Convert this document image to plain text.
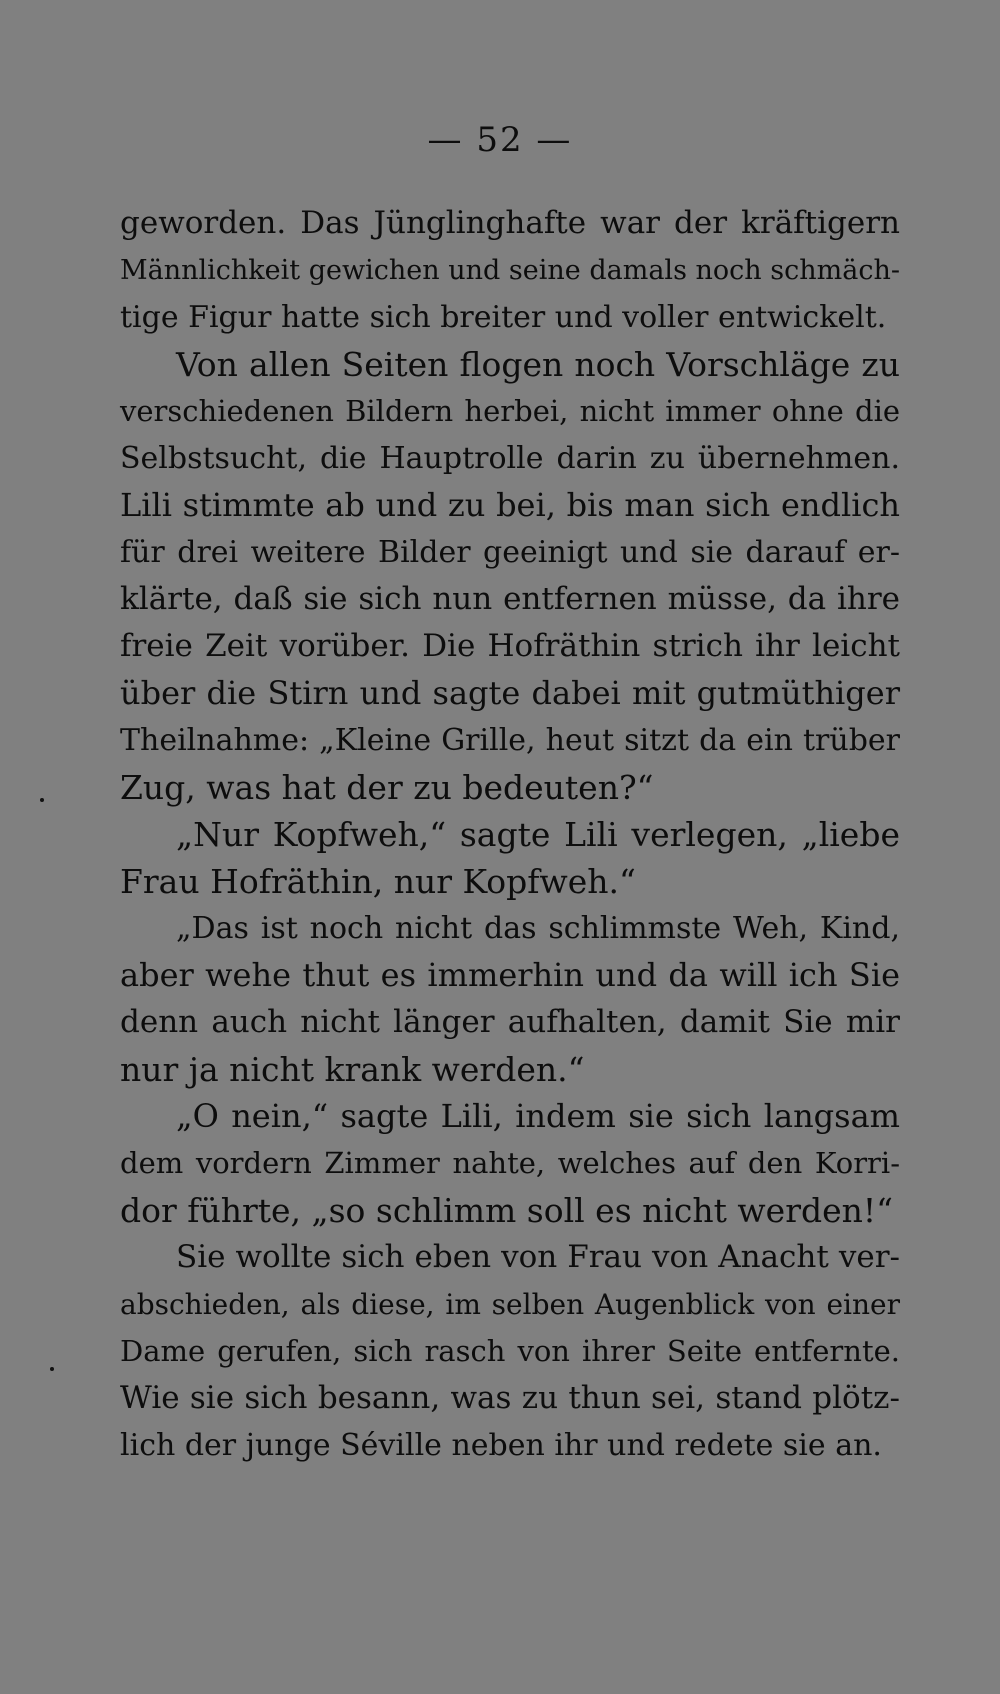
— 52 —
geworden. Das Jünglinghafte war der kräftigern
Männlichkeit gewichen und seine damals noch schmäch-
tige Figur hatte sich breiter und voller entwickelt.
Von allen Seiten flogen noch Vorschläge zu
verschiedenen Bildern herbei, nicht immer ohne die
Selbstsucht, die Hauptrolle darin zu übernehmen.
Lili stimmte ab und zu bei, bis man sich endlich
für drei weitere Bilder geeinigt und sie darauf er-
klärte, daß sie sich nun entfernen müsse, da ihre
freie Zeit vorüber. Die Hofräthin strich ihr leicht
über die Stirn und sagte dabei mit gutmüthiger
Theilnahme: „Kleine Grille, heut sitzt da ein trüber
Zug, was hat der zu bedeuten?“
„Nur Kopfweh,“ sagte Lili verlegen, „liebe
Frau Hofräthin, nur Kopfweh.“
„Das ist noch nicht das schlimmste Weh, Kind,
aber wehe thut es immerhin und da will ich Sie
denn auch nicht länger aufhalten, damit Sie mir
nur ja nicht krank werden.“
„O nein,“ sagte Lili, indem sie sich langsam
dem vordern Zimmer nahte, welches auf den Korri-
dor führte, „so schlimm soll es nicht werden!“
Sie wollte sich eben von Frau von Anacht ver-
abschieden, als diese, im selben Augenblick von einer
Dame gerufen, sich rasch von ihrer Seite entfernte.
Wie sie sich besann, was zu thun sei, stand plötz-
lich der junge Séville neben ihr und redete sie an.
